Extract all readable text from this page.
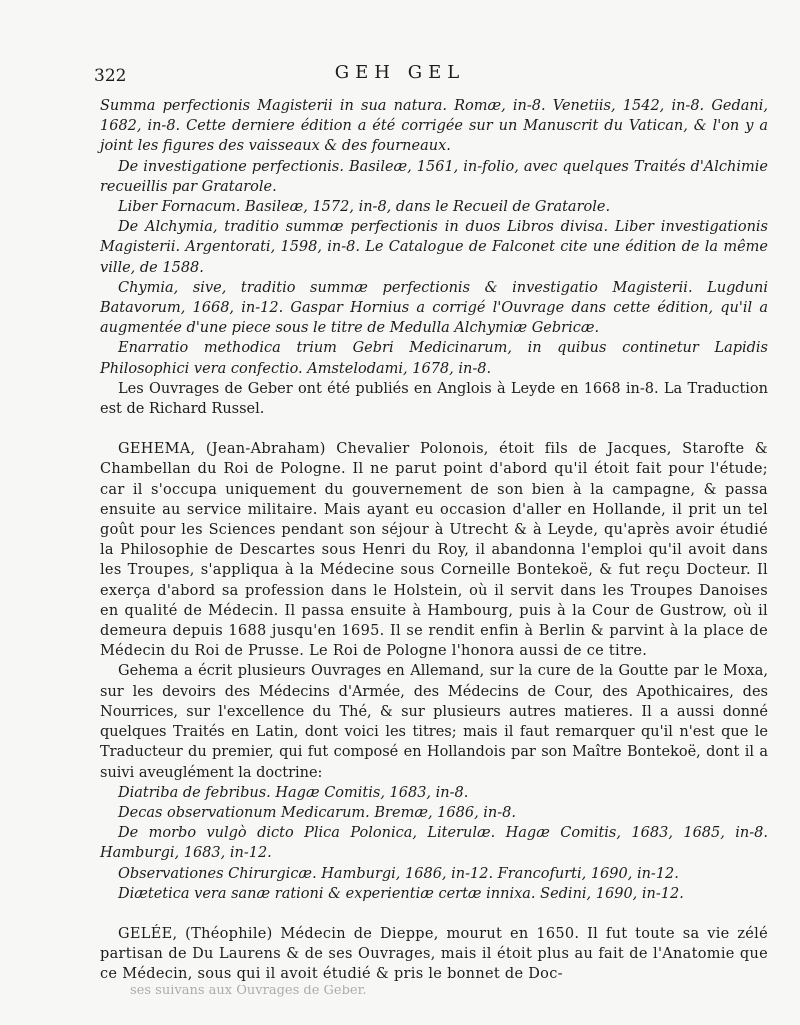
322	GEH GEL

Summa perfectionis Magisterii in sua natura. Romæ, in-8. Venetiis, 1542, in-8. Gedani, 1682, in-8. Cette derniere édition a été corrigée sur un Manuscrit du Vatican, & l'on y a joint les figures des vaisseaux & des fourneaux.

De investigatione perfectionis. Basileæ, 1561, in-folio, avec quelques Traités d'Alchimie recueillis par Gratarole.

Liber Fornacum. Basileæ, 1572, in-8, dans le Recueil de Gratarole.

De Alchymia, traditio summæ perfectionis in duos Libros divisa. Liber investigationis Magisterii. Argentorati, 1598, in-8. Le Catalogue de Falconet cite une édition de la même ville, de 1588.

Chymia, sive, traditio summæ perfectionis & investigatio Magisterii. Lugduni Batavorum, 1668, in-12. Gaspar Hornius a corrigé l'Ouvrage dans cette édition, qu'il a augmentée d'une piece sous le titre de Medulla Alchymiæ Gebricæ.

Enarratio methodica trium Gebri Medicinarum, in quibus continetur Lapidis Philosophici vera confectio. Amstelodami, 1678, in-8.

Les Ouvrages de Geber ont été publiés en Anglois à Leyde en 1668 in-8. La Traduction est de Richard Russel.

GEHEMA, (Jean-Abraham) Chevalier Polonois, étoit fils de Jacques, Starofte & Chambellan du Roi de Pologne. Il ne parut point d'abord qu'il étoit fait pour l'étude; car il s'occupa uniquement du gouvernement de son bien à la campagne, & passa ensuite au service militaire. Mais ayant eu occasion d'aller en Hollande, il prit un tel goût pour les Sciences pendant son séjour à Utrecht & à Leyde, qu'après avoir étudié la Philosophie de Descartes sous Henri du Roy, il abandonna l'emploi qu'il avoit dans les Troupes, s'appliqua à la Médecine sous Corneille Bontekoë, & fut reçu Docteur. Il exerça d'abord sa profession dans le Holstein, où il servit dans les Troupes Danoises en qualité de Médecin. Il passa ensuite à Hambourg, puis à la Cour de Gustrow, où il demeura depuis 1688 jusqu'en 1695. Il se rendit enfin à Berlin & parvint à la place de Médecin du Roi de Prusse. Le Roi de Pologne l'honora aussi de ce titre.

Gehema a écrit plusieurs Ouvrages en Allemand, sur la cure de la Goutte par le Moxa, sur les devoirs des Médecins d'Armée, des Médecins de Cour, des Apothicaires, des Nourrices, sur l'excellence du Thé, & sur plusieurs autres matieres. Il a aussi donné quelques Traités en Latin, dont voici les titres; mais il faut remarquer qu'il n'est que le Traducteur du premier, qui fut composé en Hollandois par son Maître Bontekoë, dont il a suivi aveuglément la doctrine:

Diatriba de febribus. Hagæ Comitis, 1683, in-8.

Decas observationum Medicarum. Bremæ, 1686, in-8.

De morbo vulgò dicto Plica Polonica, Literulæ. Hagæ Comitis, 1683, 1685, in-8. Hamburgi, 1683, in-12.

Observationes Chirurgicæ. Hamburgi, 1686, in-12. Francofurti, 1690, in-12.

Diætetica vera sanæ rationi & experientiæ certæ innixa. Sedini, 1690, in-12.

GELÉE, (Théophile) Médecin de Dieppe, mourut en 1650. Il fut toute sa vie zélé partisan de Du Laurens & de ses Ouvrages, mais il étoit plus au fait de l'Anatomie que ce Médecin, sous qui il avoit étudié & pris le bonnet de Doc-

ses suivans aux Ouvrages de Geber.
